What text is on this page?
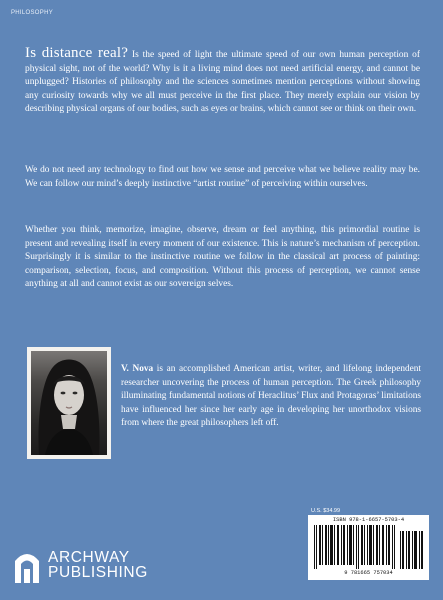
PHILOSOPHY

Is distance real? Is the speed of light the ultimate speed of our own human perception of physical sight, not of the world? Why is it a living mind does not need artificial energy, and cannot be unplugged? Histories of philosophy and the sciences sometimes mention perceptions without showing any curiosity towards why we all must perceive in the first place. They merely explain our vision by describing physical organs of our bodies, such as eyes or brains, which cannot see or think on their own.

We do not need any technology to find out how we sense and perceive what we believe reality may be. We can follow our mind’s deeply instinctive “artist routine” of perceiving within ourselves.

Whether you think, memorize, imagine, observe, dream or feel anything, this primordial routine is present and revealing itself in every moment of our existence. This is nature’s mechanism of perception. Surprisingly it is similar to the instinctive routine we follow in the classical art process of painting: comparison, selection, focus, and composition. Without this process of perception, we cannot sense anything at all and cannot exist as our sovereign selves.

V. Nova is an accomplished American artist, writer, and lifelong independent researcher uncovering the process of human perception. The Greek philosophy illuminating fundamental notions of Heraclitus’ Flux and Protagoras’ limitations have influenced her since her early age in developing her unorthodox visions from where the great philosophers left off.

ARCHWAY
PUBLISHING
U.S. $34.99
ISBN 978-1-6657-5703-4
9 781665 757034
